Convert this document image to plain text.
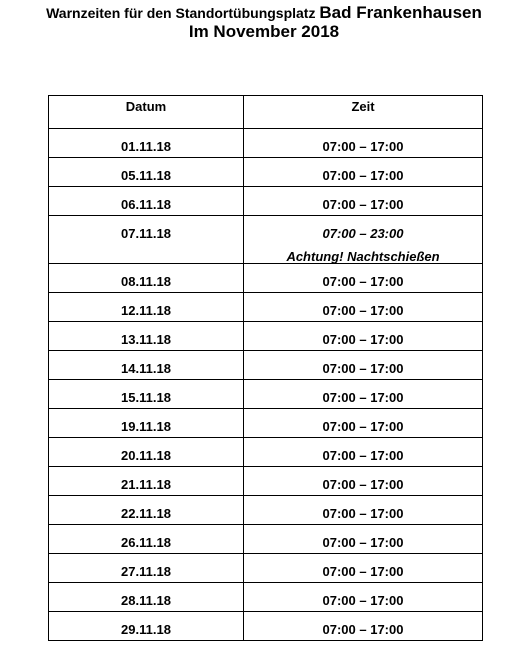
Warnzeiten für den Standortübungsplatz Bad Frankenhausen
Im November 2018
Datum	Zeit
01.11.18	07:00 – 17:00
05.11.18	07:00 – 17:00
06.11.18	07:00 – 17:00
07.11.18	07:00 – 23:00
Achtung! Nachtschießen

08.11.18	07:00 – 17:00
12.11.18	07:00 – 17:00
13.11.18	07:00 – 17:00
14.11.18	07:00 – 17:00
15.11.18	07:00 – 17:00
19.11.18	07:00 – 17:00
20.11.18	07:00 – 17:00
21.11.18	07:00 – 17:00
22.11.18	07:00 – 17:00
26.11.18	07:00 – 17:00
27.11.18	07:00 – 17:00
28.11.18	07:00 – 17:00
29.11.18	07:00 – 17:00
